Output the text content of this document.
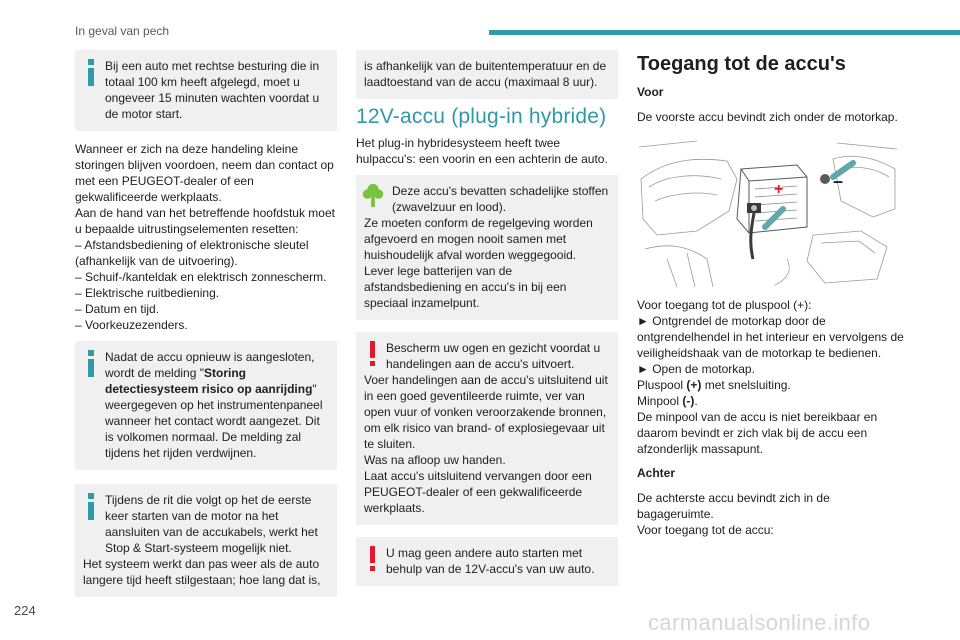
In geval van pech

Bij een auto met rechtse besturing die in totaal 100 km heeft afgelegd, moet u ongeveer 15 minuten wachten voordat u de motor start.

Wanneer er zich na deze handeling kleine storingen blijven voordoen, neem dan contact op met een PEUGEOT-dealer of een gekwalificeerde werkplaats.

Aan de hand van het betreffende hoofdstuk moet u bepaalde uitrustingselementen resetten:

– Afstandsbediening of elektronische sleutel (afhankelijk van de uitvoering).

– Schuif-/kanteldak en elektrisch zonnescherm.

– Elektrische ruitbediening.

– Datum en tijd.

– Voorkeuzezenders.

Nadat de accu opnieuw is aangesloten, wordt de melding "Storing detectiesysteem risico op aanrijding" weergegeven op het instrumentenpaneel wanneer het contact wordt aangezet. Dit is volkomen normaal. De melding zal tijdens het rijden verdwijnen.

Tijdens de rit die volgt op het de eerste keer starten van de motor na het aansluiten van de accukabels, werkt het Stop & Start-systeem mogelijk niet.

Het systeem werkt dan pas weer als de auto langere tijd heeft stilgestaan; hoe lang dat is,

is afhankelijk van de buitentemperatuur en de laadtoestand van de accu (maximaal 8 uur).

12V-accu (plug-in hybride)

Het plug-in hybridesysteem heeft twee hulpaccu's: een voorin en een achterin de auto.

Deze accu's bevatten schadelijke stoffen (zwavelzuur en lood).

Ze moeten conform de regelgeving worden afgevoerd en mogen nooit samen met huishoudelijk afval worden weggegooid.

Lever lege batterijen van de afstandsbediening en accu's in bij een speciaal inzamelpunt.

Bescherm uw ogen en gezicht voordat u handelingen aan de accu's uitvoert.

Voer handelingen aan de accu's uitsluitend uit in een goed geventileerde ruimte, ver van open vuur of vonken veroorzakende bronnen, om elk risico van brand- of explosiegevaar uit te sluiten.

Was na afloop uw handen.

Laat accu's uitsluitend vervangen door een PEUGEOT-dealer of een gekwalificeerde werkplaats.

U mag geen andere auto starten met behulp van de 12V-accu's van uw auto.

Toegang tot de accu's
Voor

De voorste accu bevindt zich onder de motorkap.

+	–

Voor toegang tot de pluspool (+):

► Ontgrendel de motorkap door de ontgrendelhendel in het interieur en vervolgens de veiligheidshaak van de motorkap te bedienen.

► Open de motorkap.

Pluspool (+) met snelsluiting.

Minpool (-).

De minpool van de accu is niet bereikbaar en daarom bevindt er zich vlak bij de accu een afzonderlijk massapunt.

Achter

De achterste accu bevindt zich in de bagageruimte.

Voor toegang tot de accu:

224	carmanualsonline.info
